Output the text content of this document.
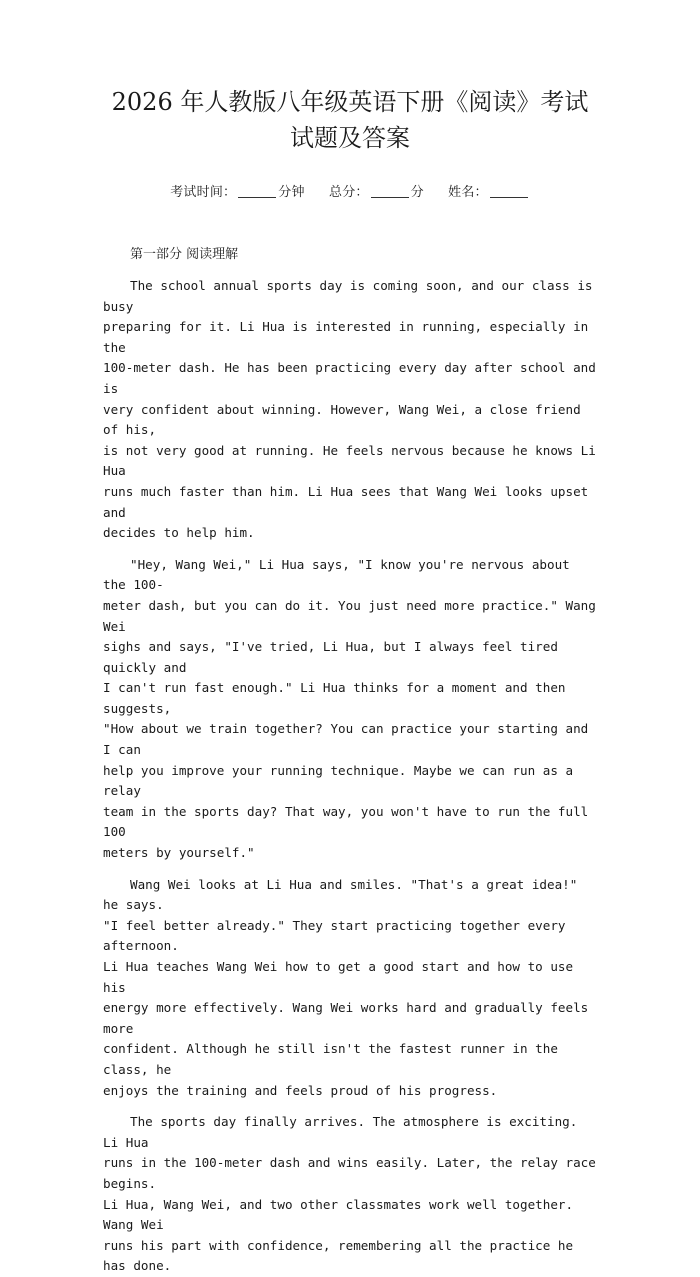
2026 年人教版八年级英语下册《阅读》考试
试题及答案
考试时间：	分钟 总分：	分 姓名：
第一部分 阅读理解

The school annual sports day is coming soon, and our class is busy
preparing for it. Li Hua is interested in running, especially in the
100-meter dash. He has been practicing every day after school and is
very confident about winning. However, Wang Wei, a close friend of his,
is not very good at running. He feels nervous because he knows Li Hua
runs much faster than him. Li Hua sees that Wang Wei looks upset and
decides to help him.

"Hey, Wang Wei," Li Hua says, "I know you're nervous about the 100-
meter dash, but you can do it. You just need more practice." Wang Wei
sighs and says, "I've tried, Li Hua, but I always feel tired quickly and
I can't run fast enough." Li Hua thinks for a moment and then suggests,
"How about we train together? You can practice your starting and I can
help you improve your running technique. Maybe we can run as a relay
team in the sports day? That way, you won't have to run the full 100
meters by yourself."

Wang Wei looks at Li Hua and smiles. "That's a great idea!" he says.
"I feel better already." They start practicing together every afternoon.
Li Hua teaches Wang Wei how to get a good start and how to use his
energy more effectively. Wang Wei works hard and gradually feels more
confident. Although he still isn't the fastest runner in the class, he
enjoys the training and feels proud of his progress.

The sports day finally arrives. The atmosphere is exciting. Li Hua
runs in the 100-meter dash and wins easily. Later, the relay race begins.
Li Hua, Wang Wei, and two other classmates work well together. Wang Wei
runs his part with confidence, remembering all the practice he has done.
